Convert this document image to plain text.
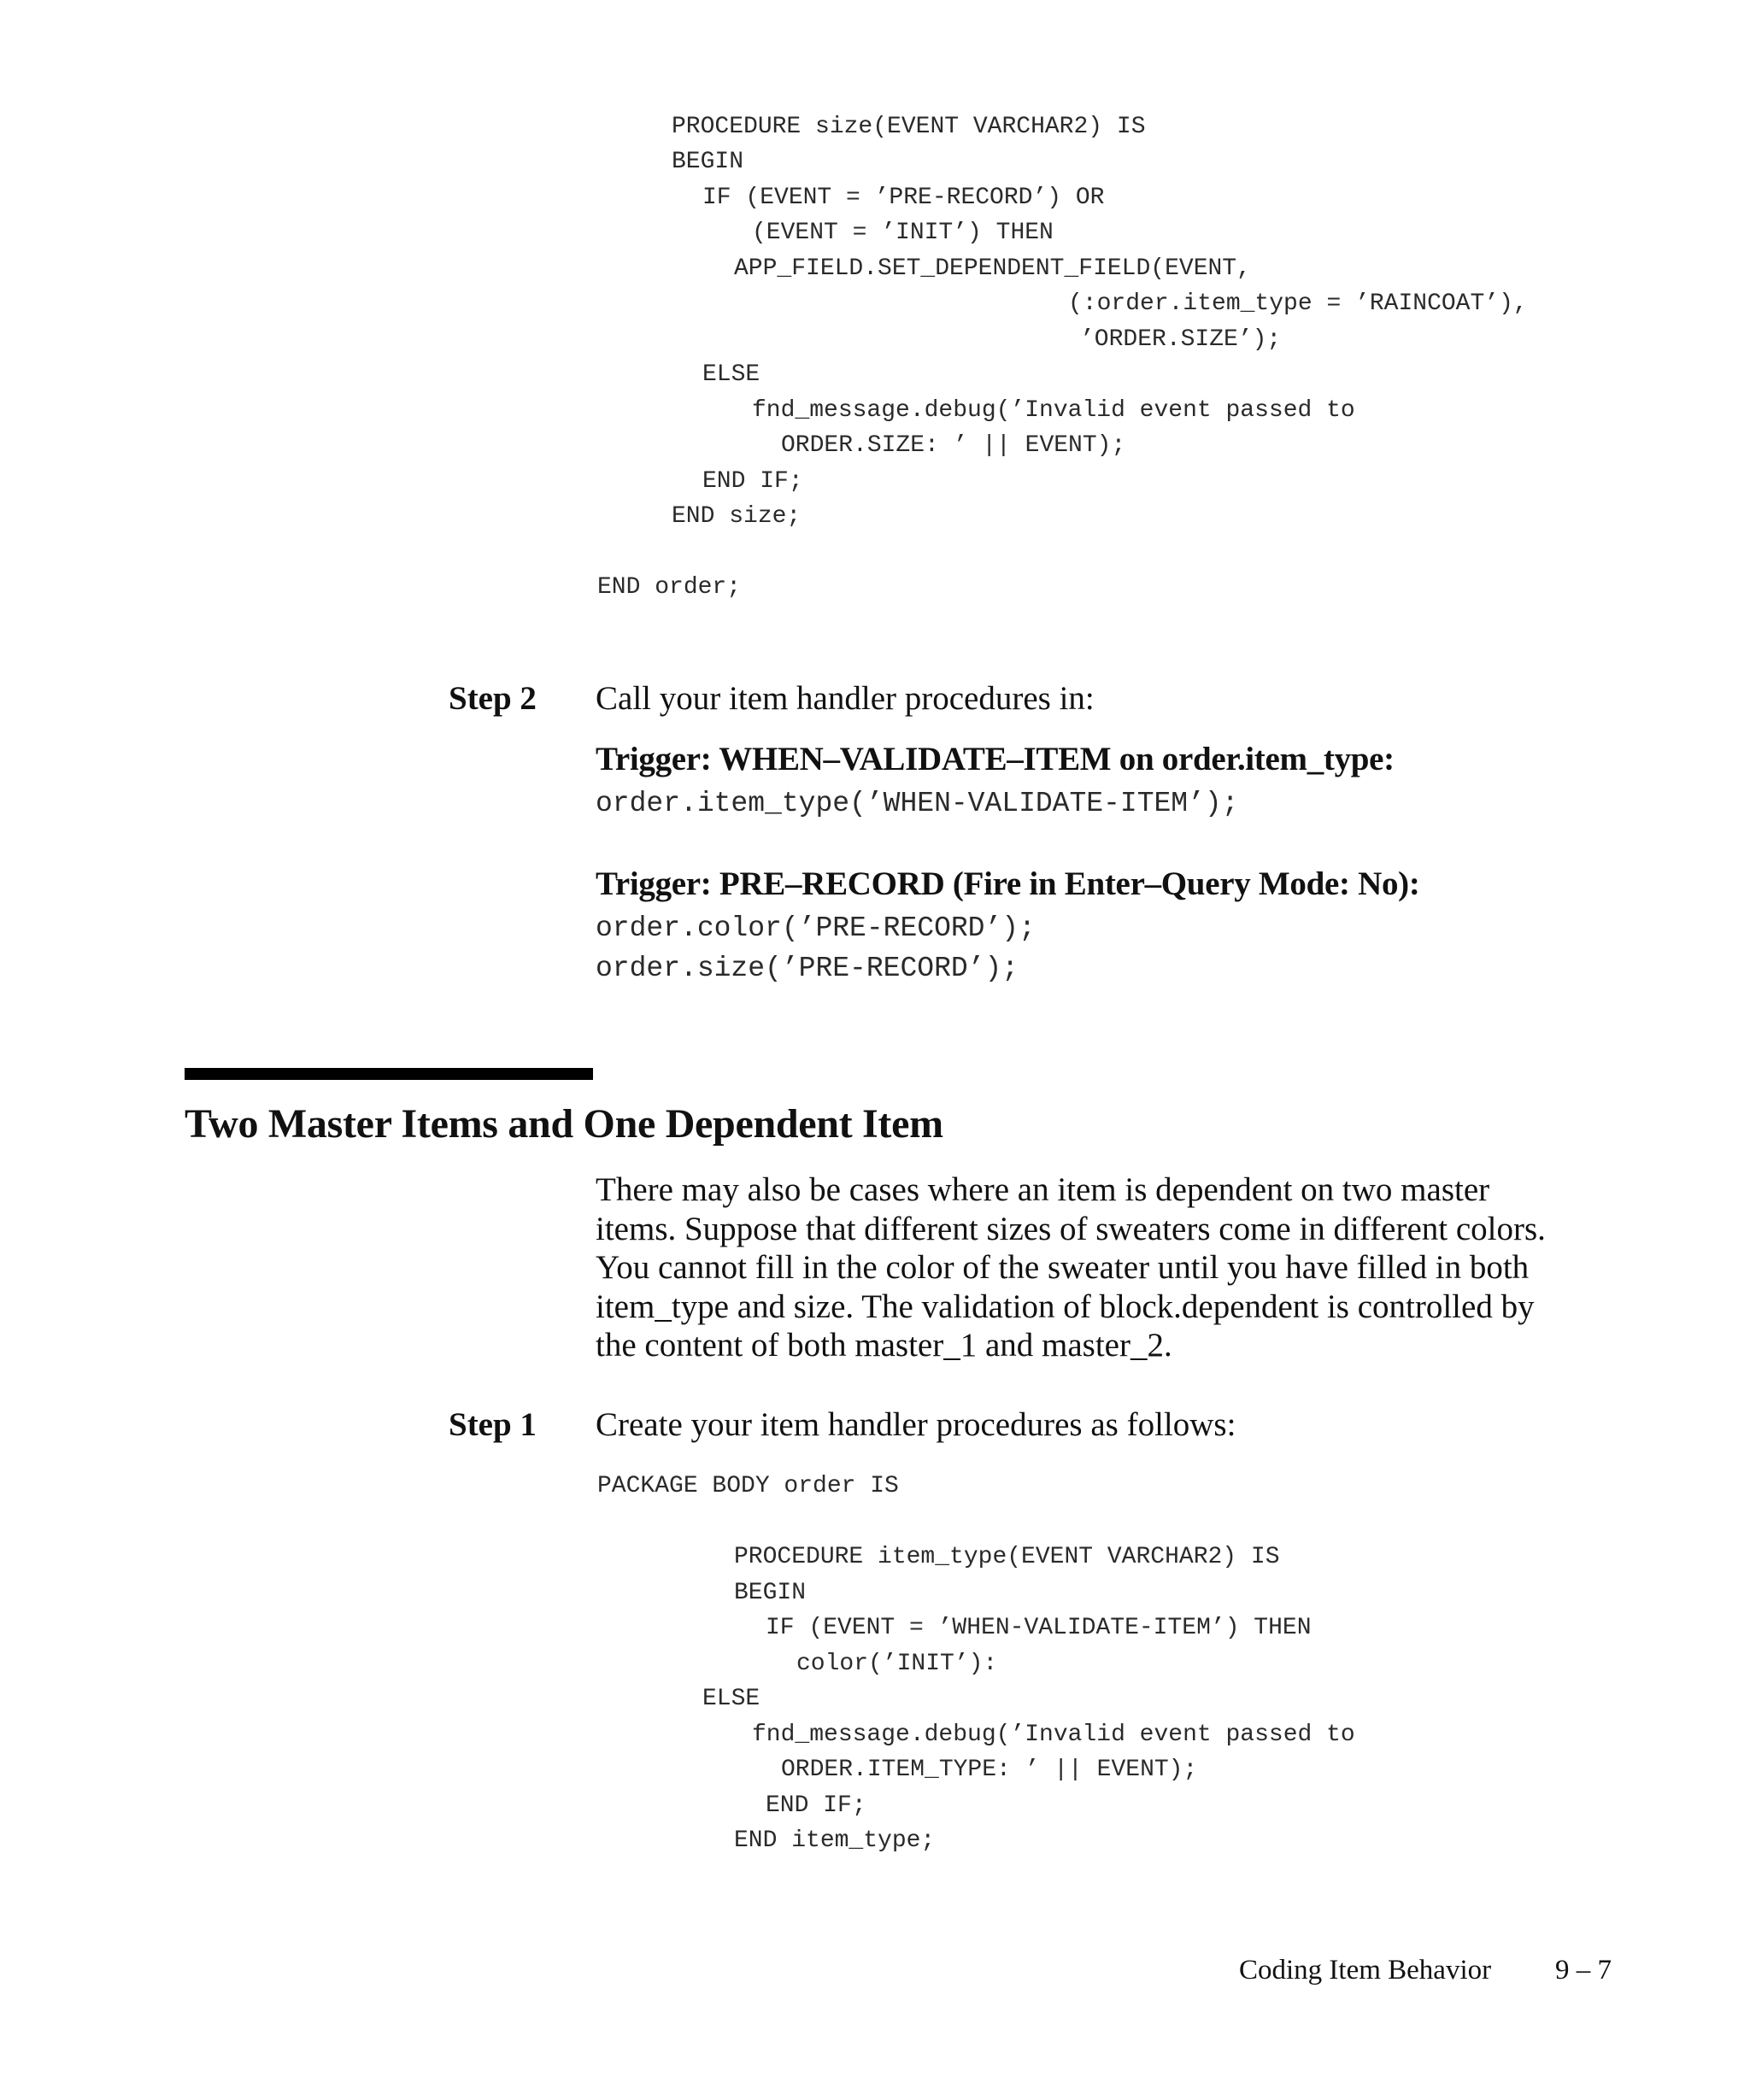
PROCEDURE size(EVENT VARCHAR2) IS
BEGIN
IF (EVENT = ’PRE-RECORD’) OR
(EVENT = ’INIT’) THEN
APP_FIELD.SET_DEPENDENT_FIELD(EVENT,
(:order.item_type = ’RAINCOAT’),
’ORDER.SIZE’);
ELSE
fnd_message.debug(’Invalid event passed to
ORDER.SIZE: ’ || EVENT);
END IF;
END size;
END order;
Step 2 Call your item handler procedures in:
Trigger: WHEN–VALIDATE–ITEM on order.item_type:
order.item_type(’WHEN-VALIDATE-ITEM’);
Trigger: PRE–RECORD (Fire in Enter–Query Mode: No):
order.color(’PRE-RECORD’);
order.size(’PRE-RECORD’);
Two Master Items and One Dependent Item
There may also be cases where an item is dependent on two master
items. Suppose that different sizes of sweaters come in different colors.
You cannot fill in the color of the sweater until you have filled in both
item_type and size. The validation of block.dependent is controlled by
the content of both master_1 and master_2.
Step 1 Create your item handler procedures as follows:
PACKAGE BODY order IS
PROCEDURE item_type(EVENT VARCHAR2) IS
BEGIN
IF (EVENT = ’WHEN-VALIDATE-ITEM’) THEN
color(’INIT’):
ELSE
fnd_message.debug(’Invalid event passed to
ORDER.ITEM_TYPE: ’ || EVENT);
END IF;
END item_type;
Coding Item Behavior 9 – 7
